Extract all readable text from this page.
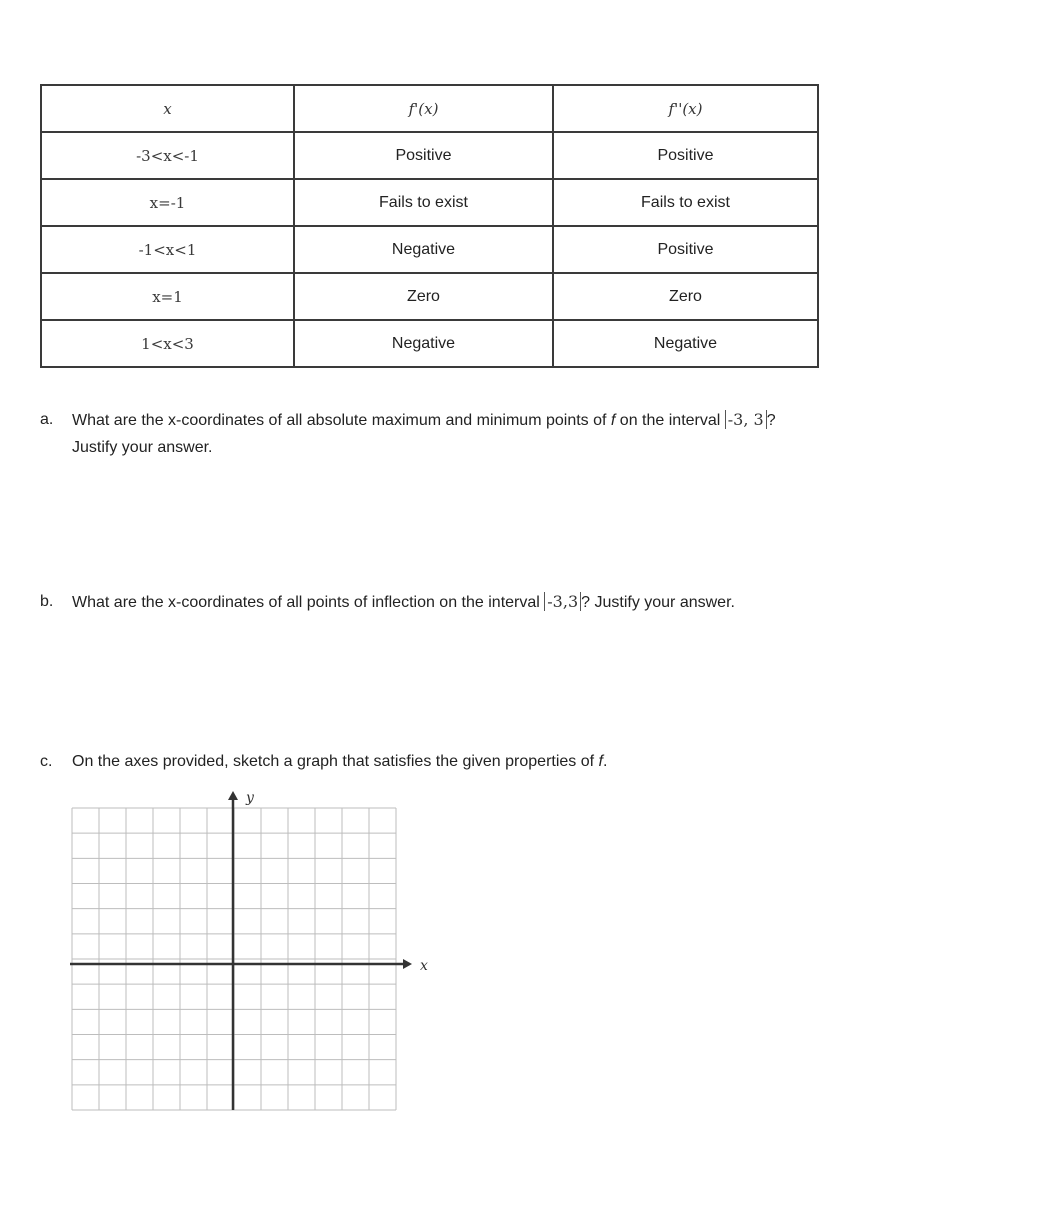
x	f'(x)	f''(x)
-3<x<-1	Positive	Positive
x=-1	Fails to exist	Fails to exist
-1<x<1	Negative	Positive
x=1	Zero	Zero
1<x<3	Negative	Negative
a.	What are the x-coordinates of all absolute maximum and minimum points of f on the interval -3, 3 ? Justify your answer.
b.	What are the x-coordinates of all points of inflection on the interval -3,3 ? Justify your answer.
c.	On the axes provided, sketch a graph that satisfies the given properties of f.
y
x
